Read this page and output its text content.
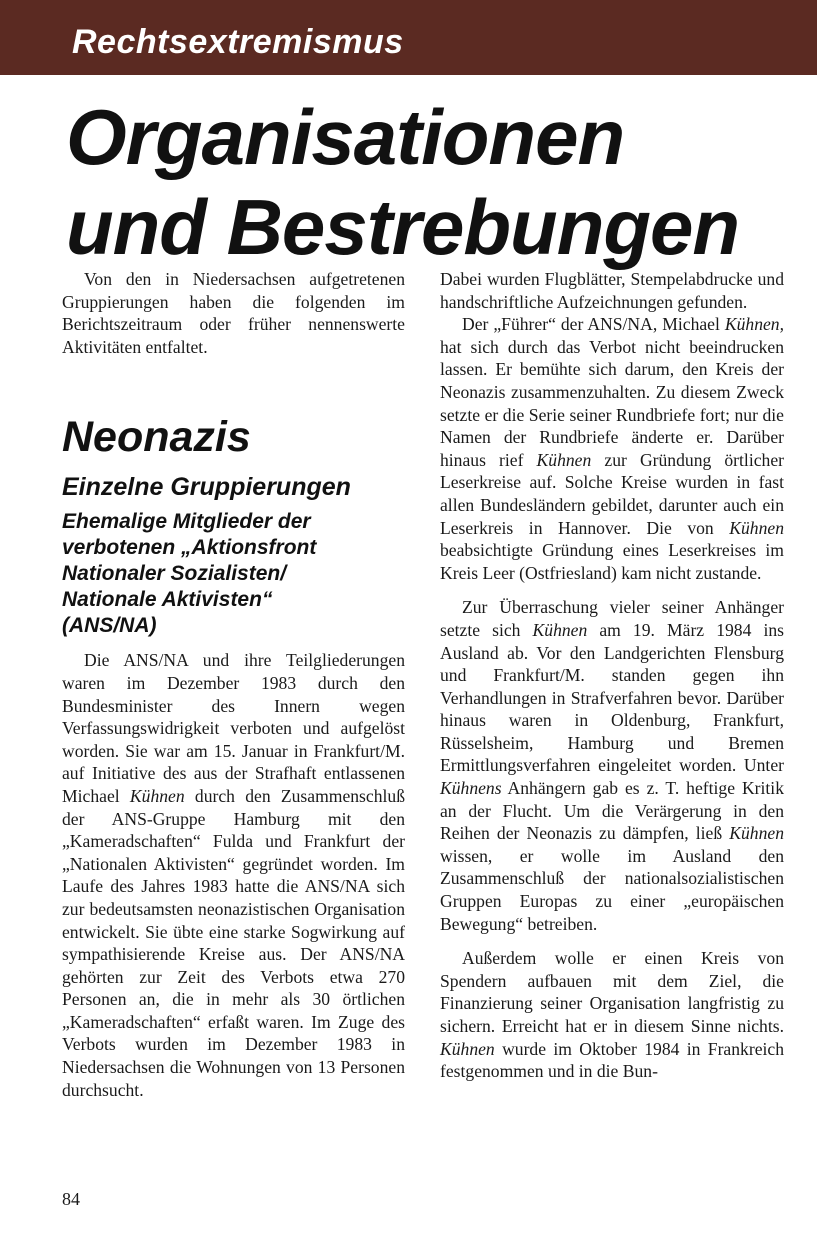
Rechtsextremismus
Organisationen
und Bestrebungen

Von den in Niedersachsen aufgetretenen Gruppierungen haben die folgenden im Berichtszeitraum oder früher nennenswerte Aktivitäten entfaltet.

Neonazis
Einzelne Gruppierungen
Ehemalige Mitglieder der
verbotenen „Aktionsfront
Nationaler Sozialisten/
Nationale Aktivisten“
(ANS/NA)

Die ANS/NA und ihre Teilgliederungen waren im Dezember 1983 durch den Bundesminister des Innern wegen Verfassungswidrigkeit verboten und aufgelöst worden. Sie war am 15. Januar in Frankfurt/M. auf Initiative des aus der Strafhaft entlassenen Michael Kühnen durch den Zusammenschluß der ANS-Gruppe Hamburg mit den „Kameradschaften“ Fulda und Frankfurt der „Nationalen Aktivisten“ gegründet worden. Im Laufe des Jahres 1983 hatte die ANS/NA sich zur bedeutsamsten neonazistischen Organisation entwickelt. Sie übte eine starke Sogwirkung auf sympathisierende Kreise aus. Der ANS/NA gehörten zur Zeit des Verbots etwa 270 Personen an, die in mehr als 30 örtlichen „Kameradschaften“ erfaßt waren. Im Zuge des Verbots wurden im Dezember 1983 in Niedersachsen die Wohnungen von 13 Personen durchsucht.

Dabei wurden Flugblätter, Stempelabdrucke und handschriftliche Aufzeichnungen gefunden.

Der „Führer“ der ANS/NA, Michael Kühnen, hat sich durch das Verbot nicht beeindrucken lassen. Er bemühte sich darum, den Kreis der Neonazis zusammenzuhalten. Zu diesem Zweck setzte er die Serie seiner Rundbriefe fort; nur die Namen der Rundbriefe änderte er. Darüber hinaus rief Kühnen zur Gründung örtlicher Leserkreise auf. Solche Kreise wurden in fast allen Bundesländern gebildet, darunter auch ein Leserkreis in Hannover. Die von Kühnen beabsichtigte Gründung eines Leserkreises im Kreis Leer (Ostfriesland) kam nicht zustande.

Zur Überraschung vieler seiner Anhänger setzte sich Kühnen am 19. März 1984 ins Ausland ab. Vor den Landgerichten Flensburg und Frankfurt/M. standen gegen ihn Verhandlungen in Strafverfahren bevor. Darüber hinaus waren in Oldenburg, Frankfurt, Rüsselsheim, Hamburg und Bremen Ermittlungsverfahren eingeleitet worden. Unter Kühnens Anhängern gab es z. T. heftige Kritik an der Flucht. Um die Verärgerung in den Reihen der Neonazis zu dämpfen, ließ Kühnen wissen, er wolle im Ausland den Zusammenschluß der nationalsozialistischen Gruppen Europas zu einer „europäischen Bewegung“ betreiben.

Außerdem wolle er einen Kreis von Spendern aufbauen mit dem Ziel, die Finanzierung seiner Organisation langfristig zu sichern. Erreicht hat er in diesem Sinne nichts. Kühnen wurde im Oktober 1984 in Frankreich festgenommen und in die Bun-

84
